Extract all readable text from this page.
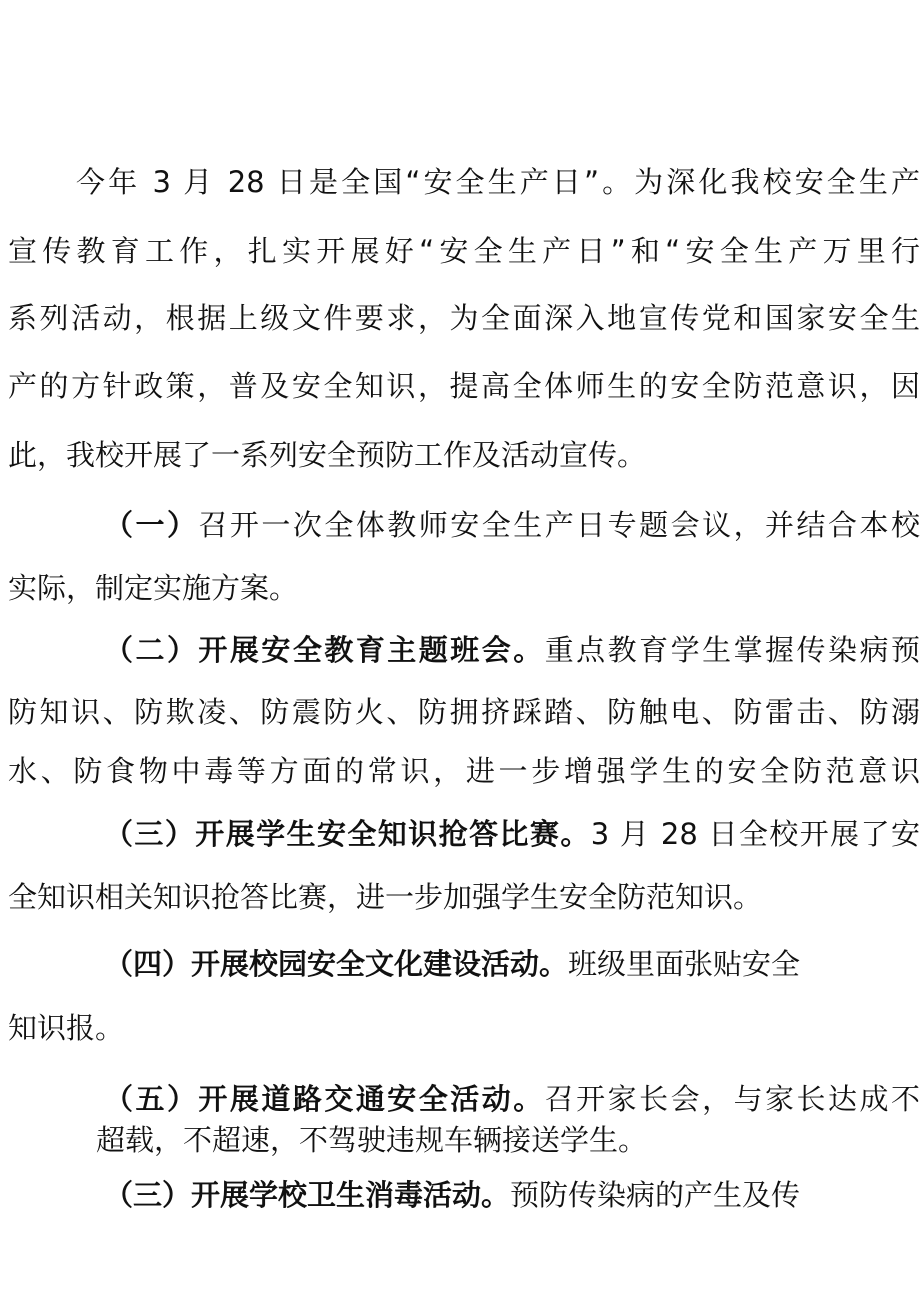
今年 3 月 28 日是全国“安全生产日”。为深化我校安全生产
宣传教育工作，扎实开展好“安全生产日”和“安全生产万里行
系列活动，根据上级文件要求，为全面深入地宣传党和国家安全生
产的方针政策，普及安全知识，提高全体师生的安全防范意识，因
此，我校开展了一系列安全预防工作及活动宣传。
（一）召开一次全体教师安全生产日专题会议，并结合本校
实际，制定实施方案。
（二）开展安全教育主题班会。重点教育学生掌握传染病预
防知识、防欺凌、防震防火、防拥挤踩踏、防触电、防雷击、防溺
水、防食物中毒等方面的常识，进一步增强学生的安全防范意识
（三）开展学生安全知识抢答比赛。3 月 28 日全校开展了安
全知识相关知识抢答比赛，进一步加强学生安全防范知识。
（四）开展校园安全文化建设活动。班级里面张贴安全
知识报。
（五）开展道路交通安全活动。召开家长会，与家长达成不
超载，不超速，不驾驶违规车辆接送学生。
（三）开展学校卫生消毒活动。预防传染病的产生及传
